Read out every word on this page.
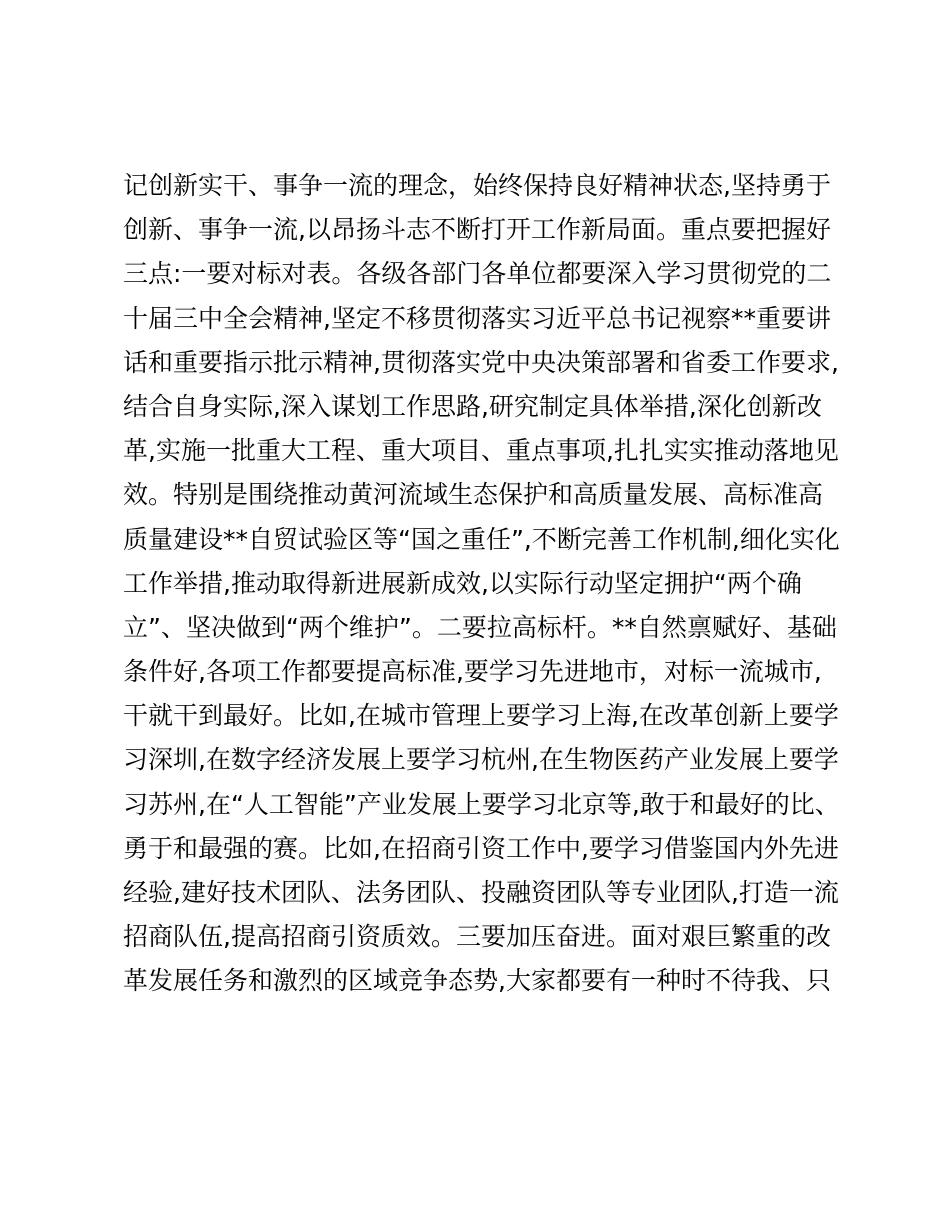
记创新实干、事争一流的理念，始终保持良好精神状态,坚持勇于
创新、事争一流,以昂扬斗志不断打开工作新局面。重点要把握好
三点:一要对标对表。各级各部门各单位都要深入学习贯彻党的二
十届三中全会精神,坚定不移贯彻落实习近平总书记视察**重要讲
话和重要指示批示精神,贯彻落实党中央决策部署和省委工作要求,
结合自身实际,深入谋划工作思路,研究制定具体举措,深化创新改
革,实施一批重大工程、重大项目、重点事项,扎扎实实推动落地见
效。特别是围绕推动黄河流域生态保护和高质量发展、高标准高
质量建设**自贸试验区等“国之重任”,不断完善工作机制,细化实化
工作举措,推动取得新进展新成效,以实际行动坚定拥护“两个确
立”、坚决做到“两个维护”。二要拉高标杆。**自然禀赋好、基础
条件好,各项工作都要提高标准,要学习先进地市，对标一流城市,
干就干到最好。比如,在城市管理上要学习上海,在改革创新上要学
习深圳,在数字经济发展上要学习杭州,在生物医药产业发展上要学
习苏州,在“人工智能”产业发展上要学习北京等,敢于和最好的比、
勇于和最强的赛。比如,在招商引资工作中,要学习借鉴国内外先进
经验,建好技术团队、法务团队、投融资团队等专业团队,打造一流
招商队伍,提高招商引资质效。三要加压奋进。面对艰巨繁重的改
革发展任务和激烈的区域竞争态势,大家都要有一种时不待我、只
